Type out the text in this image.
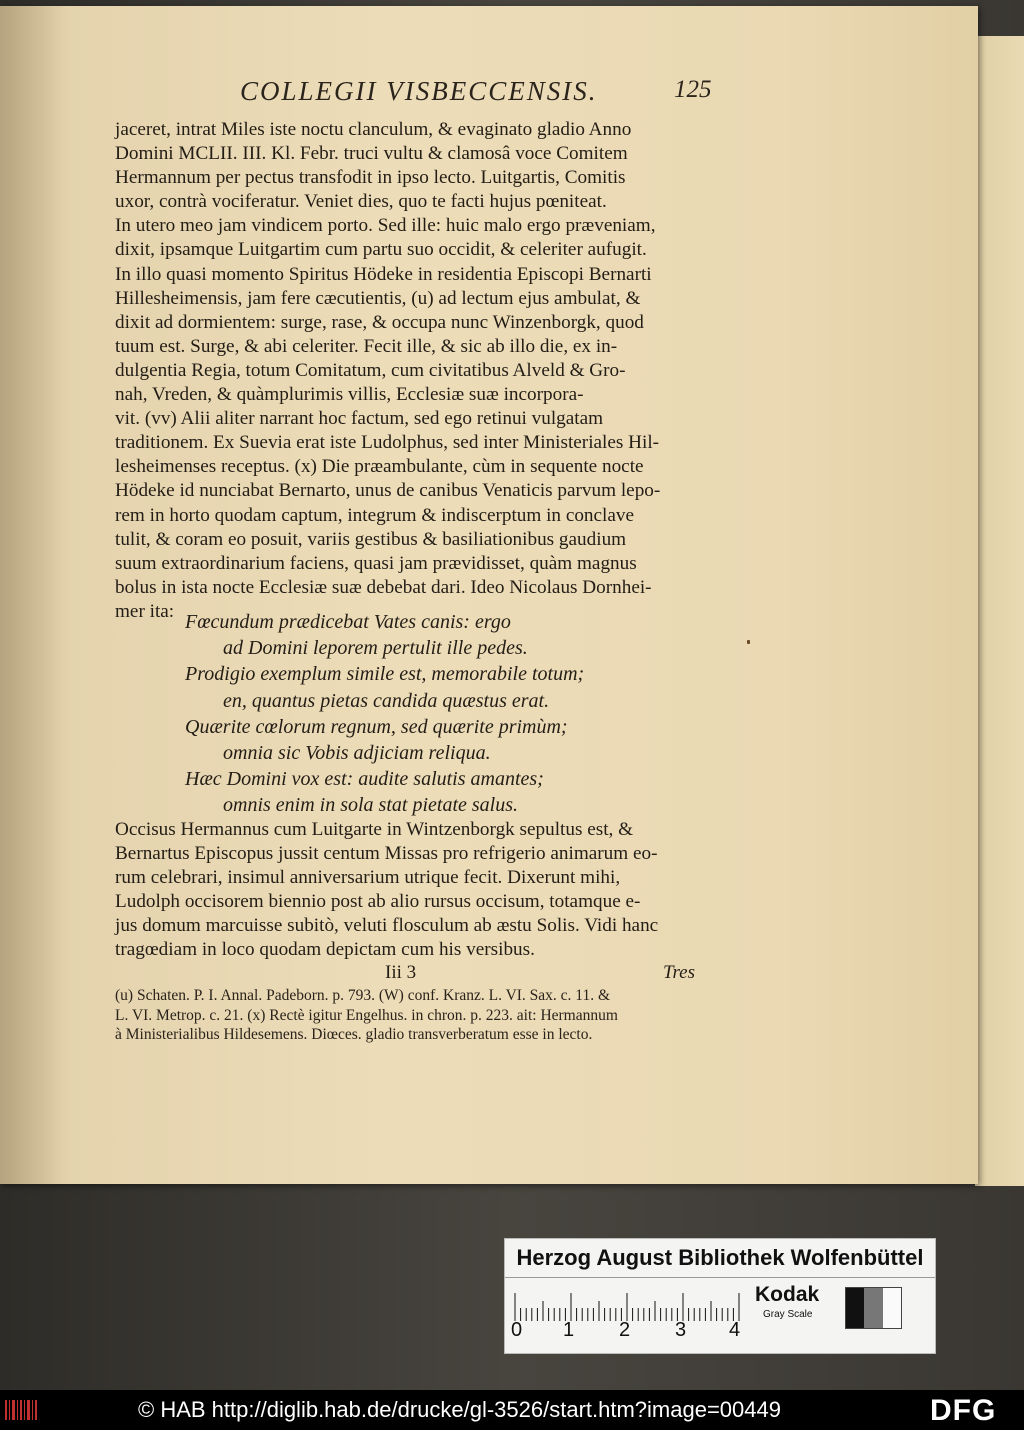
COLLEGII VISBECCENSIS.	125
jaceret, intrat Miles iste noctu clanculum, & evaginato gladio Anno
Domini MCLII. III. Kl. Febr. truci vultu & clamosâ voce Comitem
Hermannum per pectus transfodit in ipso lecto. Luitgartis, Comitis
uxor, contrà vociferatur. Veniet dies, quo te facti hujus pœniteat.
In utero meo jam vindicem porto. Sed ille: huic malo ergo præveniam,
dixit, ipsamque Luitgartim cum partu suo occidit, & celeriter aufugit.
In illo quasi momento Spiritus Hödeke in residentia Episcopi Bernarti
Hillesheimensis, jam fere cæcutientis, (u) ad lectum ejus ambulat, &
dixit ad dormientem: surge, rase, & occupa nunc Winzenborgk, quod
tuum est. Surge, & abi celeriter. Fecit ille, & sic ab illo die, ex in-
dulgentia Regia, totum Comitatum, cum civitatibus Alveld & Gro-
nah, Vreden, & quàmplurimis villis, Ecclesiæ suæ incorpora-
vit. (vv) Alii aliter narrant hoc factum, sed ego retinui vulgatam
traditionem. Ex Suevia erat iste Ludolphus, sed inter Ministeriales Hil-
lesheimenses receptus. (x) Die præambulante, cùm in sequente nocte
Hödeke id nunciabat Bernarto, unus de canibus Venaticis parvum lepo-
rem in horto quodam captum, integrum & indiscerptum in conclave
tulit, & coram eo posuit, variis gestibus & basiliationibus gaudium
suum extraordinarium faciens, quasi jam prævidisset, quàm magnus
bolus in ista nocte Ecclesiæ suæ debebat dari. Ideo Nicolaus Dornhei-
mer ita: Fœcundum prædicebat Vates canis: ergo
ad Domini leporem pertulit ille pedes.
Prodigio exemplum simile est, memorabile totum;
en, quantus pietas candida quæstus erat.
Quærite cœlorum regnum, sed quærite primùm;
omnia sic Vobis adjiciam reliqua.
Hæc Domini vox est: audite salutis amantes;
omnis enim in sola stat pietate salus.
Occisus Hermannus cum Luitgarte in Wintzenborgk sepultus est, &
Bernartus Episcopus jussit centum Missas pro refrigerio animarum eo-
rum celebrari, insimul anniversarium utrique fecit. Dixerunt mihi,
Ludolph occisorem biennio post ab alio rursus occisum, totamque e-
jus domum marcuisse subitò, veluti flosculum ab æstu Solis. Vidi hanc
tragœdiam in loco quodam depictam cum his versibus.
Iii 3	Tres
(u) Schaten. P. I. Annal. Padeborn. p. 793. (W) conf. Kranz. L. VI. Sax. c. 11. &
L. VI. Metrop. c. 21. (x) Rectè igitur Engelhus. in chron. p. 223. ait: Hermannum
à Ministerialibus Hildesemens. Diœces. gladio transverberatum esse in lecto.
Herzog August Bibliothek Wolfenbüttel
0 1 2 3 4
Kodak
Gray Scale
© HAB http://diglib.hab.de/drucke/gl-3526/start.htm?image=00449	DFG
